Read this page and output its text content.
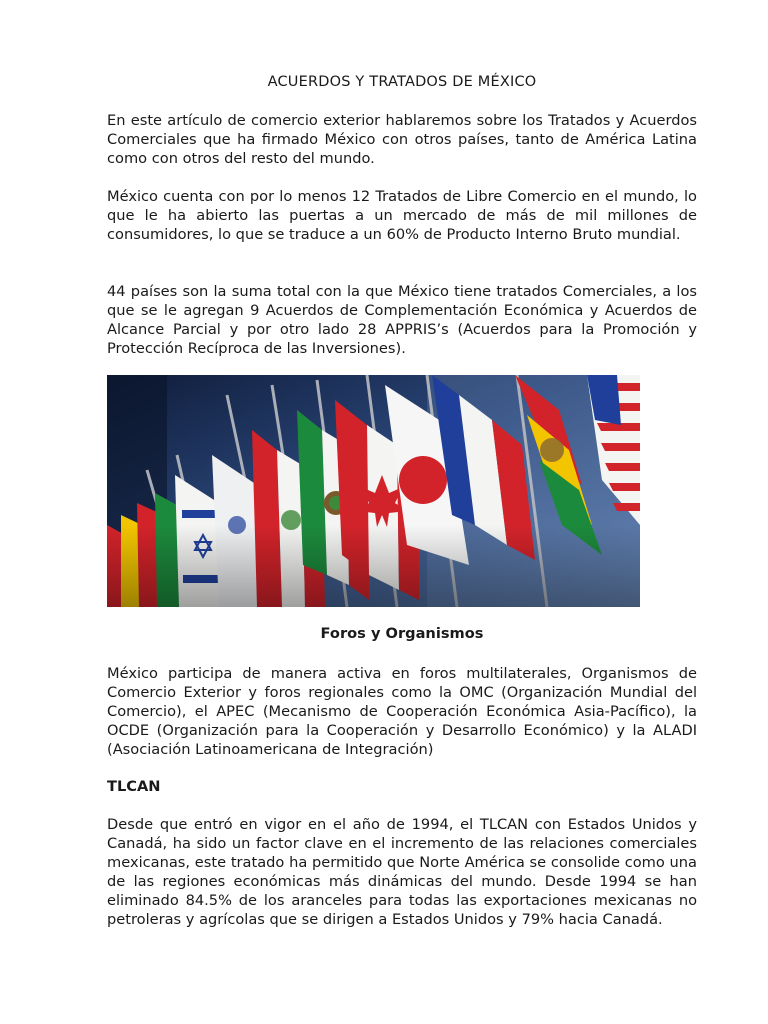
ACUERDOS Y TRATADOS DE MÉXICO

En este artículo de comercio exterior hablaremos sobre los Tratados y Acuerdos Comerciales que ha firmado México con otros países, tanto de América Latina como con otros del resto del mundo.

México cuenta con por lo menos 12 Tratados de Libre Comercio en el mundo, lo que le ha abierto las puertas a un mercado de más de mil millones de consumidores, lo que se traduce a un 60% de Producto Interno Bruto mundial.

44 países son la suma total con la que México tiene tratados Comerciales, a los que se le agregan 9 Acuerdos de Complementación Económica y Acuerdos de Alcance Parcial y por otro lado 28 APPRIS’s (Acuerdos para la Promoción y Protección Recíproca de las Inversiones).

Foros y Organismos

México participa de manera activa en foros multilaterales, Organismos de Comercio Exterior y foros regionales como la OMC (Organización Mundial del Comercio), el APEC (Mecanismo de Cooperación Económica Asia-Pacífico), la OCDE (Organización para la Cooperación y Desarrollo Económico) y la ALADI (Asociación Latinoamericana de Integración)

TLCAN

Desde que entró en vigor en el año de 1994, el TLCAN con Estados Unidos y Canadá, ha sido un factor clave en el incremento de las relaciones comerciales mexicanas, este tratado ha permitido que Norte América se consolide como una de las regiones económicas más dinámicas del mundo. Desde 1994 se han eliminado 84.5% de los aranceles para todas las exportaciones mexicanas no petroleras y agrícolas que se dirigen a Estados Unidos y 79% hacia Canadá.
